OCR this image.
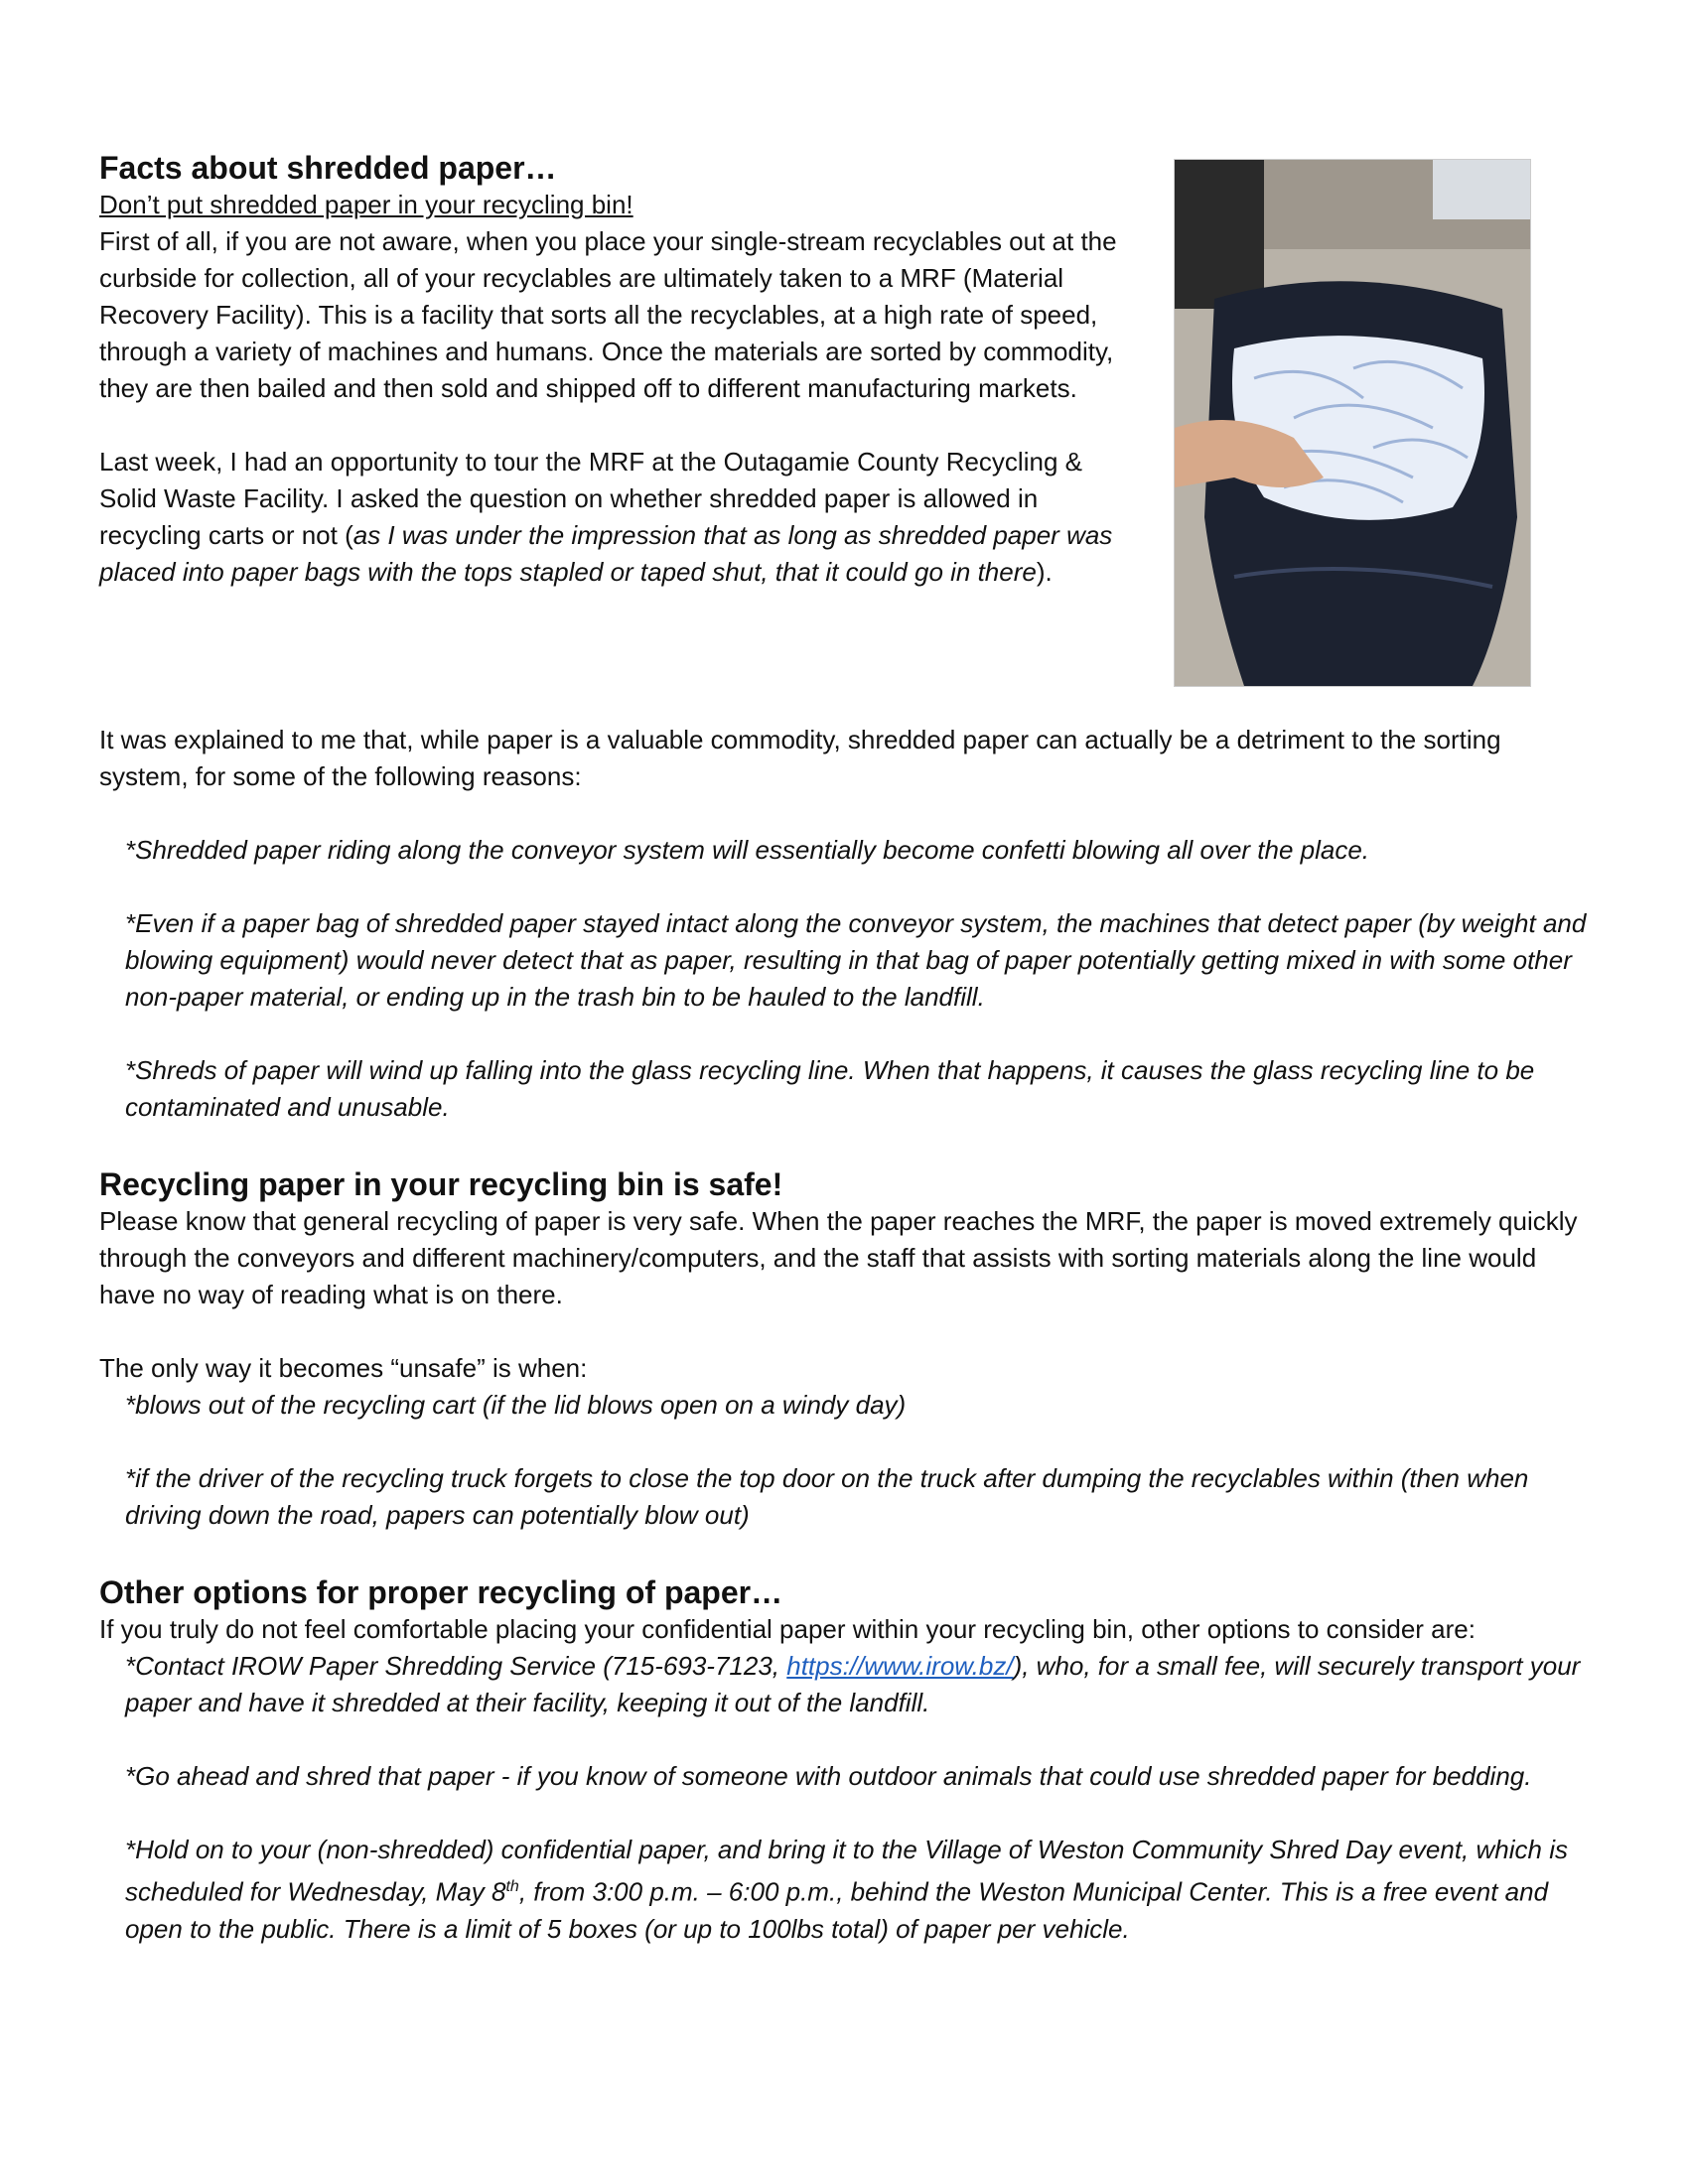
Facts about shredded paper…

Don’t put shredded paper in your recycling bin!

First of all, if you are not aware, when you place your single-stream recyclables out at the curbside for collection, all of your recyclables are ultimately taken to a MRF (Material Recovery Facility). This is a facility that sorts all the recyclables, at a high rate of speed, through a variety of machines and humans. Once the materials are sorted by commodity, they are then bailed and then sold and shipped off to different manufacturing markets.

Last week, I had an opportunity to tour the MRF at the Outagamie County Recycling & Solid Waste Facility. I asked the question on whether shredded paper is allowed in recycling carts or not (as I was under the impression that as long as shredded paper was placed into paper bags with the tops stapled or taped shut, that it could go in there).

It was explained to me that, while paper is a valuable commodity, shredded paper can actually be a detriment to the sorting system, for some of the following reasons:

*Shredded paper riding along the conveyor system will essentially become confetti blowing all over the place.

*Even if a paper bag of shredded paper stayed intact along the conveyor system, the machines that detect paper (by weight and blowing equipment) would never detect that as paper, resulting in that bag of paper potentially getting mixed in with some other non-paper material, or ending up in the trash bin to be hauled to the landfill.

*Shreds of paper will wind up falling into the glass recycling line. When that happens, it causes the glass recycling line to be contaminated and unusable.

Recycling paper in your recycling bin is safe!

Please know that general recycling of paper is very safe. When the paper reaches the MRF, the paper is moved extremely quickly through the conveyors and different machinery/computers, and the staff that assists with sorting materials along the line would have no way of reading what is on there.

The only way it becomes “unsafe” is when:

*blows out of the recycling cart (if the lid blows open on a windy day)

*if the driver of the recycling truck forgets to close the top door on the truck after dumping the recyclables within (then when driving down the road, papers can potentially blow out)

Other options for proper recycling of paper…

If you truly do not feel comfortable placing your confidential paper within your recycling bin, other options to consider are:

*Contact IROW Paper Shredding Service (715-693-7123, https://www.irow.bz/), who, for a small fee, will securely transport your paper and have it shredded at their facility, keeping it out of the landfill.

*Go ahead and shred that paper - if you know of someone with outdoor animals that could use shredded paper for bedding.

*Hold on to your (non-shredded) confidential paper, and bring it to the Village of Weston Community Shred Day event, which is scheduled for Wednesday, May 8th, from 3:00 p.m. – 6:00 p.m., behind the Weston Municipal Center. This is a free event and open to the public. There is a limit of 5 boxes (or up to 100lbs total) of paper per vehicle.
